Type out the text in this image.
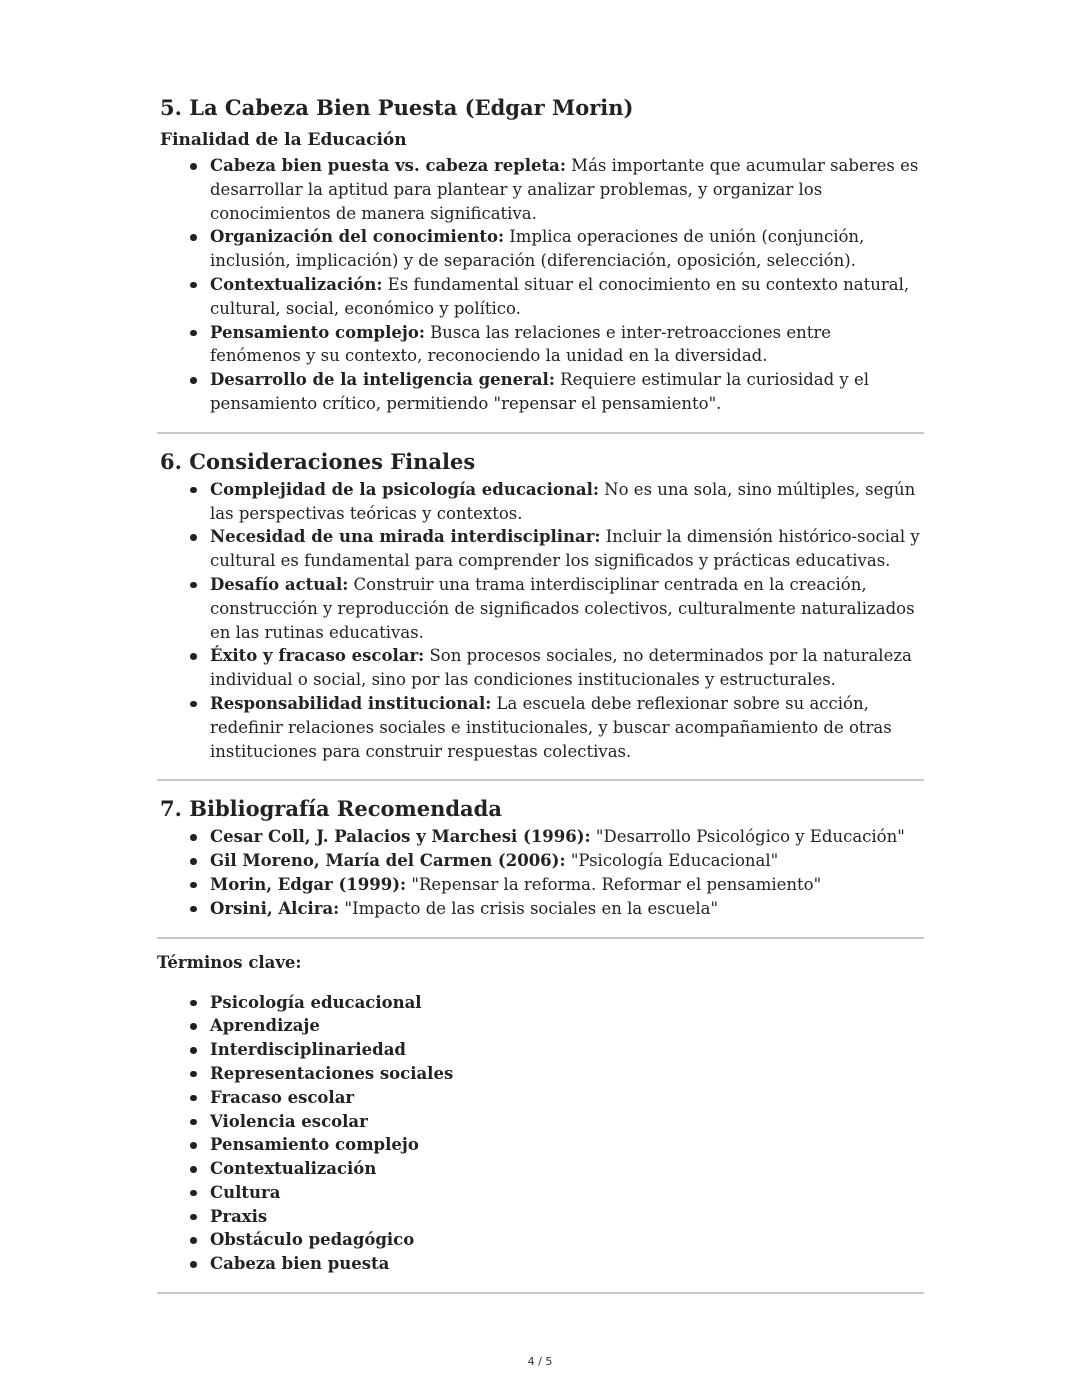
5. La Cabeza Bien Puesta (Edgar Morin)
Finalidad de la Educación
Cabeza bien puesta vs. cabeza repleta: Más importante que acumular saberes es desarrollar la aptitud para plantear y analizar problemas, y organizar los conocimientos de manera significativa.
Organización del conocimiento: Implica operaciones de unión (conjunción, inclusión, implicación) y de separación (diferenciación, oposición, selección).
Contextualización: Es fundamental situar el conocimiento en su contexto natural, cultural, social, económico y político.
Pensamiento complejo: Busca las relaciones e inter-retroacciones entre fenómenos y su contexto, reconociendo la unidad en la diversidad.
Desarrollo de la inteligencia general: Requiere estimular la curiosidad y el pensamiento crítico, permitiendo "repensar el pensamiento".
6. Consideraciones Finales
Complejidad de la psicología educacional: No es una sola, sino múltiples, según las perspectivas teóricas y contextos.
Necesidad de una mirada interdisciplinar: Incluir la dimensión histórico-social y cultural es fundamental para comprender los significados y prácticas educativas.
Desafío actual: Construir una trama interdisciplinar centrada en la creación, construcción y reproducción de significados colectivos, culturalmente naturalizados en las rutinas educativas.
Éxito y fracaso escolar: Son procesos sociales, no determinados por la naturaleza individual o social, sino por las condiciones institucionales y estructurales.
Responsabilidad institucional: La escuela debe reflexionar sobre su acción, redefinir relaciones sociales e institucionales, y buscar acompañamiento de otras instituciones para construir respuestas colectivas.
7. Bibliografía Recomendada
Cesar Coll, J. Palacios y Marchesi (1996): "Desarrollo Psicológico y Educación"
Gil Moreno, María del Carmen (2006): "Psicología Educacional"
Morin, Edgar (1999): "Repensar la reforma. Reformar el pensamiento"
Orsini, Alcira: "Impacto de las crisis sociales en la escuela"
Términos clave:
Psicología educacional
Aprendizaje
Interdisciplinariedad
Representaciones sociales
Fracaso escolar
Violencia escolar
Pensamiento complejo
Contextualización
Cultura
Praxis
Obstáculo pedagógico
Cabeza bien puesta
4 / 5
